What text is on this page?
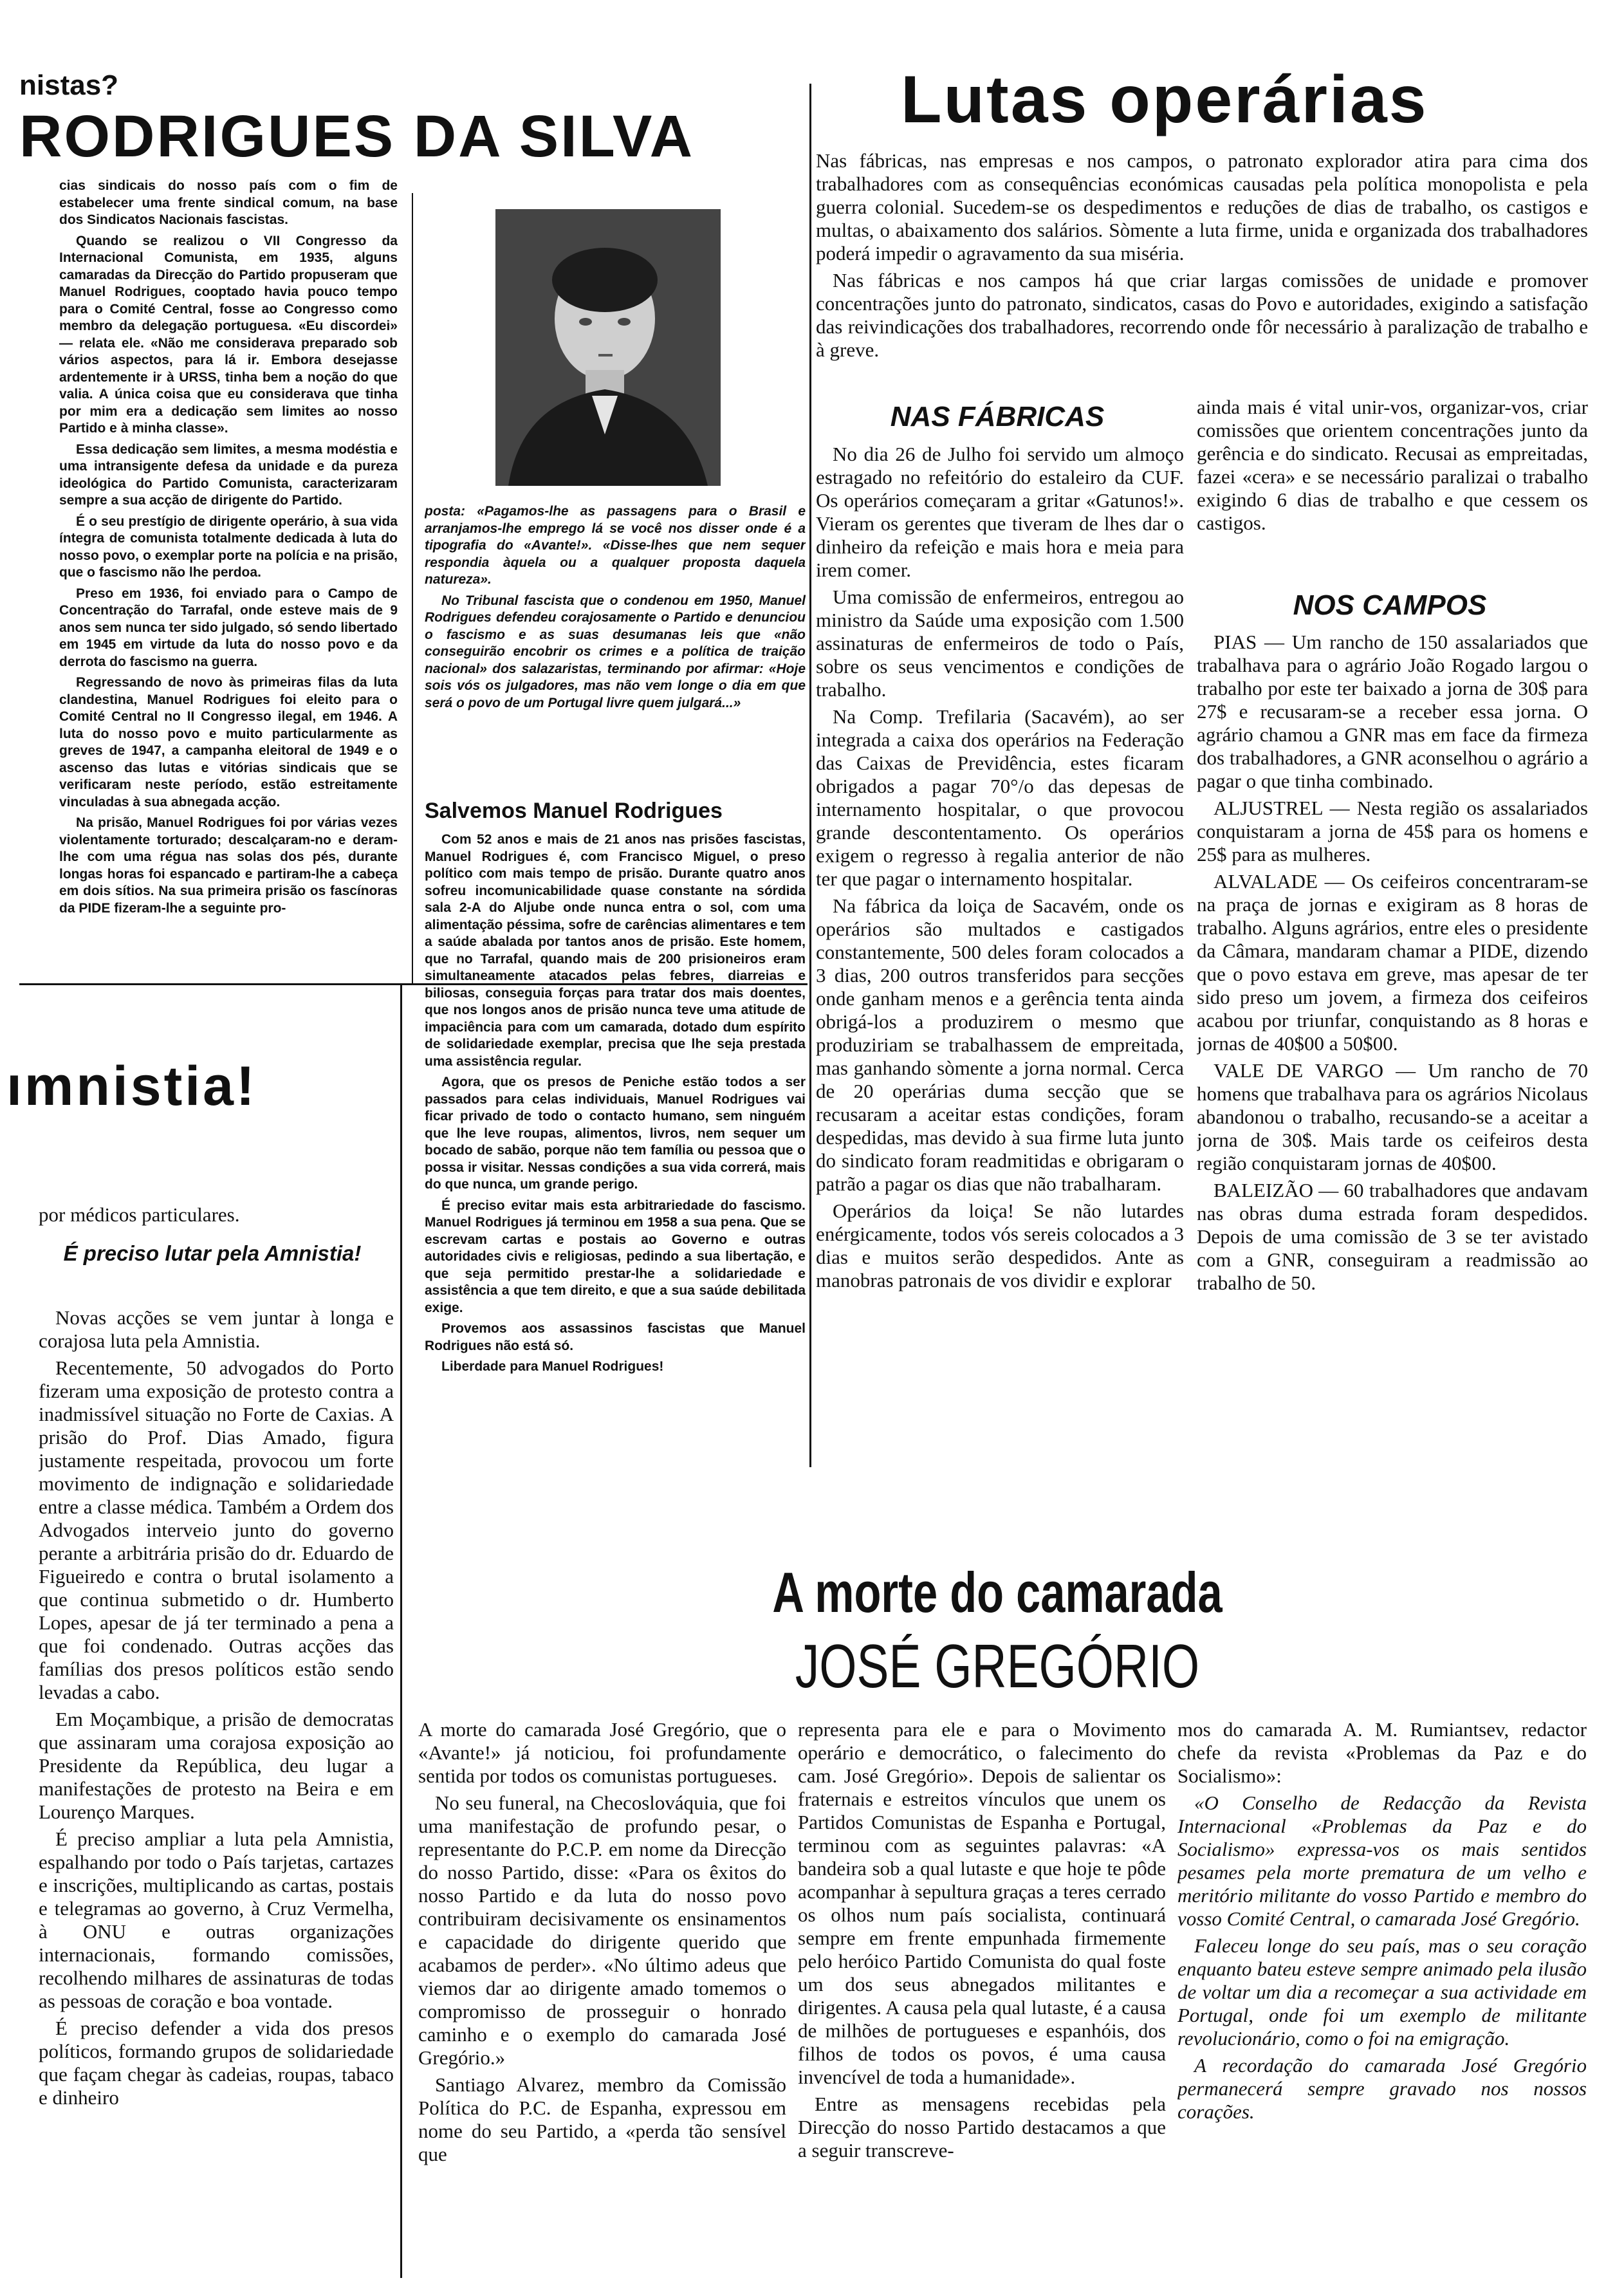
nistas?
RODRIGUES DA SILVA

cias sindicais do nosso país com o fim de estabelecer uma frente sindical comum, na base dos Sindicatos Nacionais fascistas.

Quando se realizou o VII Congresso da Internacional Comunista, em 1935, alguns camaradas da Direcção do Partido propuseram que Manuel Rodrigues, cooptado havia pouco tempo para o Comité Central, fosse ao Congresso como membro da delegação portuguesa. «Eu discordei» — relata ele. «Não me considerava preparado sob vários aspectos, para lá ir. Embora desejasse ardentemente ir à URSS, tinha bem a noção do que valia. A única coisa que eu considerava que tinha por mim era a dedicação sem limites ao nosso Partido e à minha classe».

Essa dedicação sem limites, a mesma modéstia e uma intransigente defesa da unidade e da pureza ideológica do Partido Comunista, caracterizaram sempre a sua acção de dirigente do Partido.

É o seu prestígio de dirigente operário, à sua vida íntegra de comunista totalmente dedicada à luta do nosso povo, o exemplar porte na polícia e na prisão, que o fascismo não lhe perdoa.

Preso em 1936, foi enviado para o Campo de Concentração do Tarrafal, onde esteve mais de 9 anos sem nunca ter sido julgado, só sendo libertado em 1945 em virtude da luta do nosso povo e da derrota do fascismo na guerra.

Regressando de novo às primeiras filas da luta clandestina, Manuel Rodrigues foi eleito para o Comité Central no II Congresso ilegal, em 1946. A luta do nosso povo e muito particularmente as greves de 1947, a campanha eleitoral de 1949 e o ascenso das lutas e vitórias sindicais que se verificaram neste período, estão estreitamente vinculadas à sua abnegada acção.

Na prisão, Manuel Rodrigues foi por várias vezes violentamente torturado; descalçaram-no e deram-lhe com uma régua nas solas dos pés, durante longas horas foi espancado e partiram-lhe a cabeça em dois sítios. Na sua primeira prisão os fascínoras da PIDE fizeram-lhe a seguinte pro-

posta: «Pagamos-lhe as passagens para o Brasil e arranjamos-lhe emprego lá se você nos disser onde é a tipografia do «Avante!». «Disse-lhes que nem sequer respondia àquela ou a qualquer proposta daquela natureza».

No Tribunal fascista que o condenou em 1950, Manuel Rodrigues defendeu corajosamente o Partido e denunciou o fascismo e as suas desumanas leis que «não conseguirão encobrir os crimes e a política de traição nacional» dos salazaristas, terminando por afirmar: «Hoje sois vós os julgadores, mas não vem longe o dia em que será o povo de um Portugal livre quem julgará...»

Salvemos Manuel Rodrigues

Com 52 anos e mais de 21 anos nas prisões fascistas, Manuel Rodrigues é, com Francisco Miguel, o preso político com mais tempo de prisão. Durante quatro anos sofreu incomunicabilidade quase constante na sórdida sala 2-A do Aljube onde nunca entra o sol, com uma alimentação péssima, sofre de carências alimentares e tem a saúde abalada por tantos anos de prisão. Este homem, que no Tarrafal, quando mais de 200 prisioneiros eram simultaneamente atacados pelas febres, diarreias e biliosas, conseguia forças para tratar dos mais doentes, que nos longos anos de prisão nunca teve uma atitude de impaciência para com um camarada, dotado dum espírito de solidariedade exemplar, precisa que lhe seja prestada uma assistência regular.

Agora, que os presos de Peniche estão todos a ser passados para celas individuais, Manuel Rodrigues vai ficar privado de todo o contacto humano, sem ninguém que lhe leve roupas, alimentos, livros, nem sequer um bocado de sabão, porque não tem família ou pessoa que o possa ir visitar. Nessas condições a sua vida correrá, mais do que nunca, um grande perigo.

É preciso evitar mais esta arbitrariedade do fascismo. Manuel Rodrigues já terminou em 1958 a sua pena. Que se escrevam cartas e postais ao Governo e outras autoridades civis e religiosas, pedindo a sua libertação, e que seja permitido prestar-lhe a solidariedade e assistência a que tem direito, e que a sua saúde debilitada exige.

Provemos aos assassinos fascistas que Manuel Rodrigues não está só.

Liberdade para Manuel Rodrigues!

ımnistia!
por médicos particulares.
É preciso lutar pela Amnistia!

Novas acções se vem juntar à longa e corajosa luta pela Amnistia.

Recentemente, 50 advogados do Porto fizeram uma exposição de protesto contra a inadmissível situação no Forte de Caxias. A prisão do Prof. Dias Amado, figura justamente respeitada, provocou um forte movimento de indignação e solidariedade entre a classe médica. Também a Ordem dos Advogados interveio junto do governo perante a arbitrária prisão do dr. Eduardo de Figueiredo e contra o brutal isolamento a que continua submetido o dr. Humberto Lopes, apesar de já ter terminado a pena a que foi condenado. Outras acções das famílias dos presos políticos estão sendo levadas a cabo.

Em Moçambique, a prisão de democratas que assinaram uma corajosa exposição ao Presidente da República, deu lugar a manifestações de protesto na Beira e em Lourenço Marques.

É preciso ampliar a luta pela Amnistia, espalhando por todo o País tarjetas, cartazes e inscrições, multiplicando as cartas, postais e telegramas ao governo, à Cruz Vermelha, à ONU e outras organizações internacionais, formando comissões, recolhendo milhares de assinaturas de todas as pessoas de coração e boa vontade.

É preciso defender a vida dos presos políticos, formando grupos de solidariedade que façam chegar às cadeias, roupas, tabaco e dinheiro

Lutas operárias

Nas fábricas, nas empresas e nos campos, o patronato explorador atira para cima dos trabalhadores com as consequências económicas causadas pela política monopolista e pela guerra colonial. Sucedem-se os despedimentos e reduções de dias de trabalho, os castigos e multas, o abaixamento dos salários. Sòmente a luta firme, unida e organizada dos trabalhadores poderá impedir o agravamento da sua miséria.

Nas fábricas e nos campos há que criar largas comissões de unidade e promover concentrações junto do patronato, sindicatos, casas do Povo e autoridades, exigindo a satisfação das reivindicações dos trabalhadores, recorrendo onde fôr necessário à paralização de trabalho e à greve.

NAS FÁBRICAS

No dia 26 de Julho foi servido um almoço estragado no refeitório do estaleiro da CUF. Os operários começaram a gritar «Gatunos!». Vieram os gerentes que tiveram de lhes dar o dinheiro da refeição e mais hora e meia para irem comer.

Uma comissão de enfermeiros, entregou ao ministro da Saúde uma exposição com 1.500 assinaturas de enfermeiros de todo o País, sobre os seus vencimentos e condições de trabalho.

Na Comp. Trefilaria (Sacavém), ao ser integrada a caixa dos operários na Federação das Caixas de Previdência, estes ficaram obrigados a pagar 70°/o das depesas de internamento hospitalar, o que provocou grande descontentamento. Os operários exigem o regresso à regalia anterior de não ter que pagar o internamento hospitalar.

Na fábrica da loiça de Sacavém, onde os operários são multados e castigados constantemente, 500 deles foram colocados a 3 dias, 200 outros transferidos para secções onde ganham menos e a gerência tenta ainda obrigá-los a produzirem o mesmo que produziriam se trabalhassem de empreitada, mas ganhando sòmente a jorna normal. Cerca de 20 operárias duma secção que se recusaram a aceitar estas condições, foram despedidas, mas devido à sua firme luta junto do sindicato foram readmitidas e obrigaram o patrão a pagar os dias que não trabalharam.

Operários da loiça! Se não lutardes enérgicamente, todos vós sereis colocados a 3 dias e muitos serão despedidos. Ante as manobras patronais de vos dividir e explorar

ainda mais é vital unir-vos, organizar-vos, criar comissões que orientem concentrações junto da gerência e do sindicato. Recusai as empreitadas, fazei «cera» e se necessário paralizai o trabalho exigindo 6 dias de trabalho e que cessem os castigos.

NOS CAMPOS

PIAS — Um rancho de 150 assalariados que trabalhava para o agrário João Rogado largou o trabalho por este ter baixado a jorna de 30$ para 27$ e recusaram-se a receber essa jorna. O agrário chamou a GNR mas em face da firmeza dos trabalhadores, a GNR aconselhou o agrário a pagar o que tinha combinado.

ALJUSTREL — Nesta região os assalariados conquistaram a jorna de 45$ para os homens e 25$ para as mulheres.

ALVALADE — Os ceifeiros concentraram-se na praça de jornas e exigiram as 8 horas de trabalho. Alguns agrários, entre eles o presidente da Câmara, mandaram chamar a PIDE, dizendo que o povo estava em greve, mas apesar de ter sido preso um jovem, a firmeza dos ceifeiros acabou por triunfar, conquistando as 8 horas e jornas de 40$00 a 50$00.

VALE DE VARGO — Um rancho de 70 homens que trabalhava para os agrários Nicolaus abandonou o trabalho, recusando-se a aceitar a jorna de 30$. Mais tarde os ceifeiros desta região conquistaram jornas de 40$00.

BALEIZÃO — 60 trabalhadores que andavam nas obras duma estrada foram despedidos. Depois de uma comissão de 3 se ter avistado com a GNR, conseguiram a readmissão ao trabalho de 50.

A morte do camarada
JOSÉ GREGÓRIO

A morte do camarada José Gregório, que o «Avante!» já noticiou, foi profundamente sentida por todos os comunistas portugueses.

No seu funeral, na Checoslováquia, que foi uma manifestação de profundo pesar, o representante do P.C.P. em nome da Direcção do nosso Partido, disse: «Para os êxitos do nosso Partido e da luta do nosso povo contribuiram decisivamente os ensinamentos e capacidade do dirigente querido que acabamos de perder». «No último adeus que viemos dar ao dirigente amado tomemos o compromisso de prosseguir o honrado caminho e o exemplo do camarada José Gregório.»

Santiago Alvarez, membro da Comissão Política do P.C. de Espanha, expressou em nome do seu Partido, a «perda tão sensível que

representa para ele e para o Movimento operário e democrático, o falecimento do cam. José Gregório». Depois de salientar os fraternais e estreitos vínculos que unem os Partidos Comunistas de Espanha e Portugal, terminou com as seguintes palavras: «A bandeira sob a qual lutaste e que hoje te pôde acompanhar à sepultura graças a teres cerrado os olhos num país socialista, continuará sempre em frente empunhada firmemente pelo heróico Partido Comunista do qual foste um dos seus abnegados militantes e dirigentes. A causa pela qual lutaste, é a causa de milhões de portugueses e espanhóis, dos filhos de todos os povos, é uma causa invencível de toda a humanidade».

Entre as mensagens recebidas pela Direcção do nosso Partido destacamos a que a seguir transcreve-

mos do camarada A. M. Rumiantsev, redactor chefe da revista «Problemas da Paz e do Socialismo»:

«O Conselho de Redacção da Revista Internacional «Problemas da Paz e do Socialismo» expressa-vos os mais sentidos pesames pela morte prematura de um velho e meritório militante do vosso Partido e membro do vosso Comité Central, o camarada José Gregório.

Faleceu longe do seu país, mas o seu coração enquanto bateu esteve sempre animado pela ilusão de voltar um dia a recomeçar a sua actividade em Portugal, onde foi um exemplo de militante revolucionário, como o foi na emigração.

A recordação do camarada José Gregório permanecerá sempre gravado nos nossos corações.
